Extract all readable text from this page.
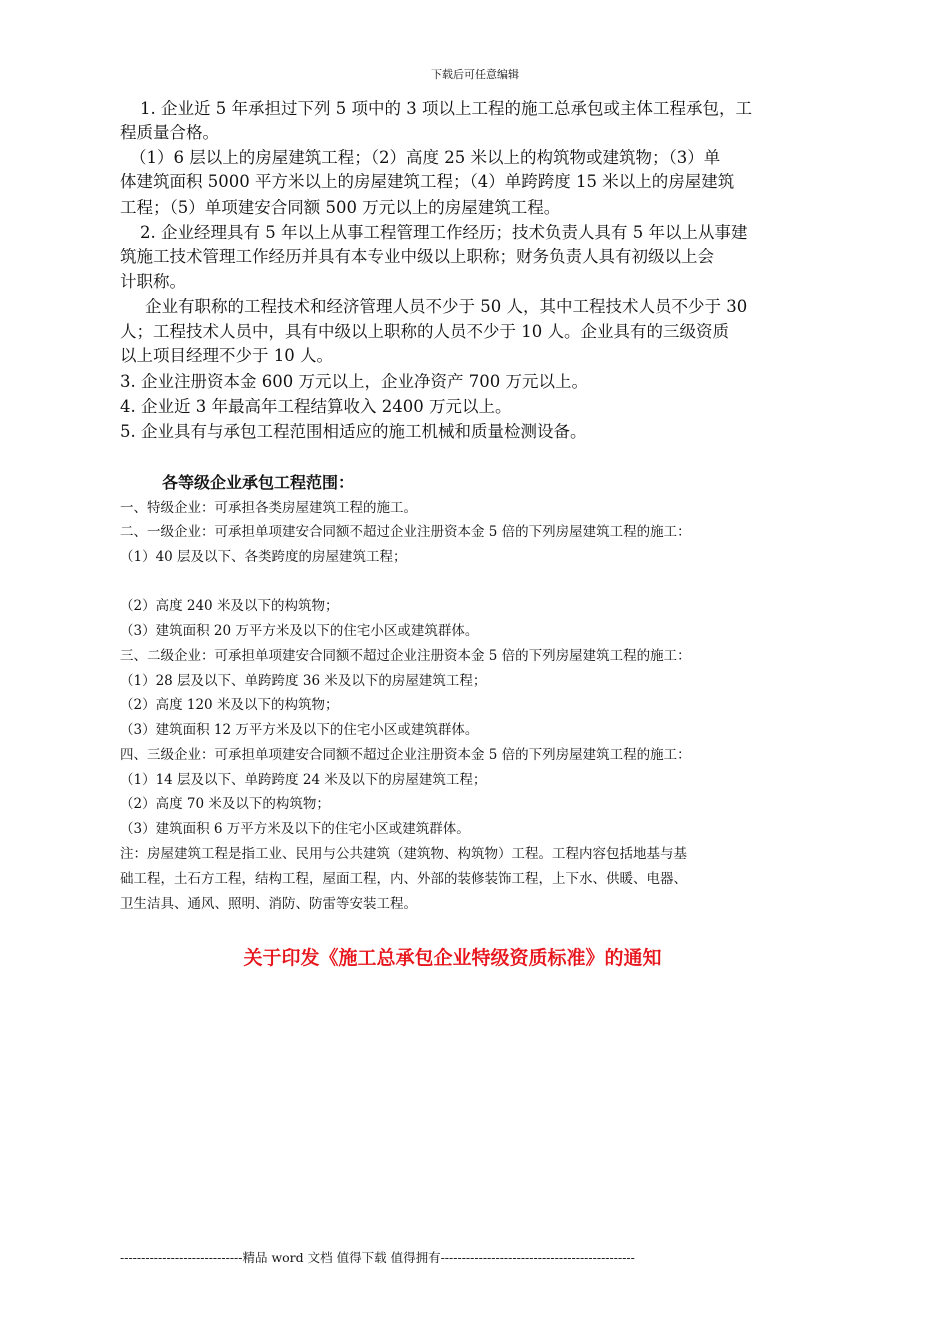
下载后可任意编辑
1. 企业近 5 年承担过下列 5 项中的 3 项以上工程的施工总承包或主体工程承包，工
程质量合格。
（1）6 层以上的房屋建筑工程；（2）高度 25 米以上的构筑物或建筑物；（3）单
体建筑面积 5000 平方米以上的房屋建筑工程；（4）单跨跨度 15 米以上的房屋建筑
工程；（5）单项建安合同额 500 万元以上的房屋建筑工程。
2. 企业经理具有 5 年以上从事工程管理工作经历；技术负责人具有 5 年以上从事建
筑施工技术管理工作经历并具有本专业中级以上职称；财务负责人具有初级以上会
计职称。
企业有职称的工程技术和经济管理人员不少于 50 人，其中工程技术人员不少于 30
人；工程技术人员中，具有中级以上职称的人员不少于 10 人。企业具有的三级资质
以上项目经理不少于 10 人。
3. 企业注册资本金 600 万元以上，企业净资产 700 万元以上。
4. 企业近 3 年最高年工程结算收入 2400 万元以上。
5. 企业具有与承包工程范围相适应的施工机械和质量检测设备。
各等级企业承包工程范围：
一、特级企业：可承担各类房屋建筑工程的施工。
二、一级企业：可承担单项建安合同额不超过企业注册资本金 5 倍的下列房屋建筑工程的施工：
（1）40 层及以下、各类跨度的房屋建筑工程；
（2）高度 240 米及以下的构筑物；
（3）建筑面积 20 万平方米及以下的住宅小区或建筑群体。
三、二级企业：可承担单项建安合同额不超过企业注册资本金 5 倍的下列房屋建筑工程的施工：
（1）28 层及以下、单跨跨度 36 米及以下的房屋建筑工程；
（2）高度 120 米及以下的构筑物；
（3）建筑面积 12 万平方米及以下的住宅小区或建筑群体。
四、三级企业：可承担单项建安合同额不超过企业注册资本金 5 倍的下列房屋建筑工程的施工：
（1）14 层及以下、单跨跨度 24 米及以下的房屋建筑工程；
（2）高度 70 米及以下的构筑物；
（3）建筑面积 6 万平方米及以下的住宅小区或建筑群体。
注：房屋建筑工程是指工业、民用与公共建筑（建筑物、构筑物）工程。工程内容包括地基与基
础工程，土石方工程，结构工程，屋面工程，内、外部的装修装饰工程，上下水、供暖、电器、
卫生洁具、通风、照明、消防、防雷等安装工程。
关于印发《施工总承包企业特级资质标准》的通知
-----------------------------精品 word 文档 值得下载 值得拥有----------------------------------------------
